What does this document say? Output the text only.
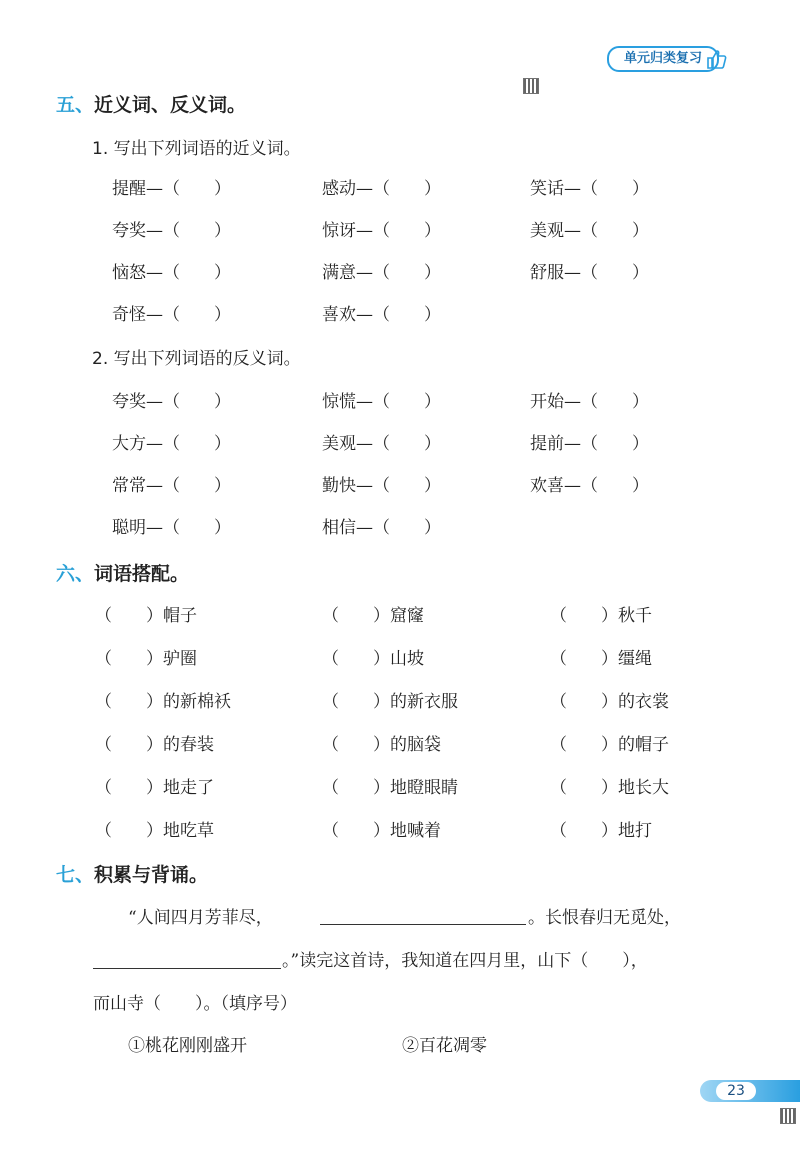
单元归类复习
五、近义词、反义词。
1. 写出下列词语的近义词。
提醒—（　　）	感动—（　　）	笑话—（　　）
夸奖—（　　）	惊讶—（　　）	美观—（　　）
恼怒—（　　）	满意—（　　）	舒服—（　　）
奇怪—（　　）	喜欢—（　　）
2. 写出下列词语的反义词。
夸奖—（　　）	惊慌—（　　）	开始—（　　）
大方—（　　）	美观—（　　）	提前—（　　）
常常—（　　）	勤快—（　　）	欢喜—（　　）
聪明—（　　）	相信—（　　）
六、词语搭配。
（　　）帽子	（　　）窟窿	（　　）秋千
（　　）驴圈	（　　）山坡	（　　）缰绳
（　　）的新棉袄	（　　）的新衣服	（　　）的衣裳
（　　）的春装	（　　）的脑袋	（　　）的帽子
（　　）地走了	（　　）地瞪眼睛	（　　）地长大
（　　）地吃草	（　　）地喊着	（　　）地打
七、积累与背诵。
“人间四月芳菲尽，	。长恨春归无觅处，
。”读完这首诗，我知道在四月里，山下（　　），
而山寺（　　）。（填序号）
①桃花刚刚盛开	②百花凋零
23
